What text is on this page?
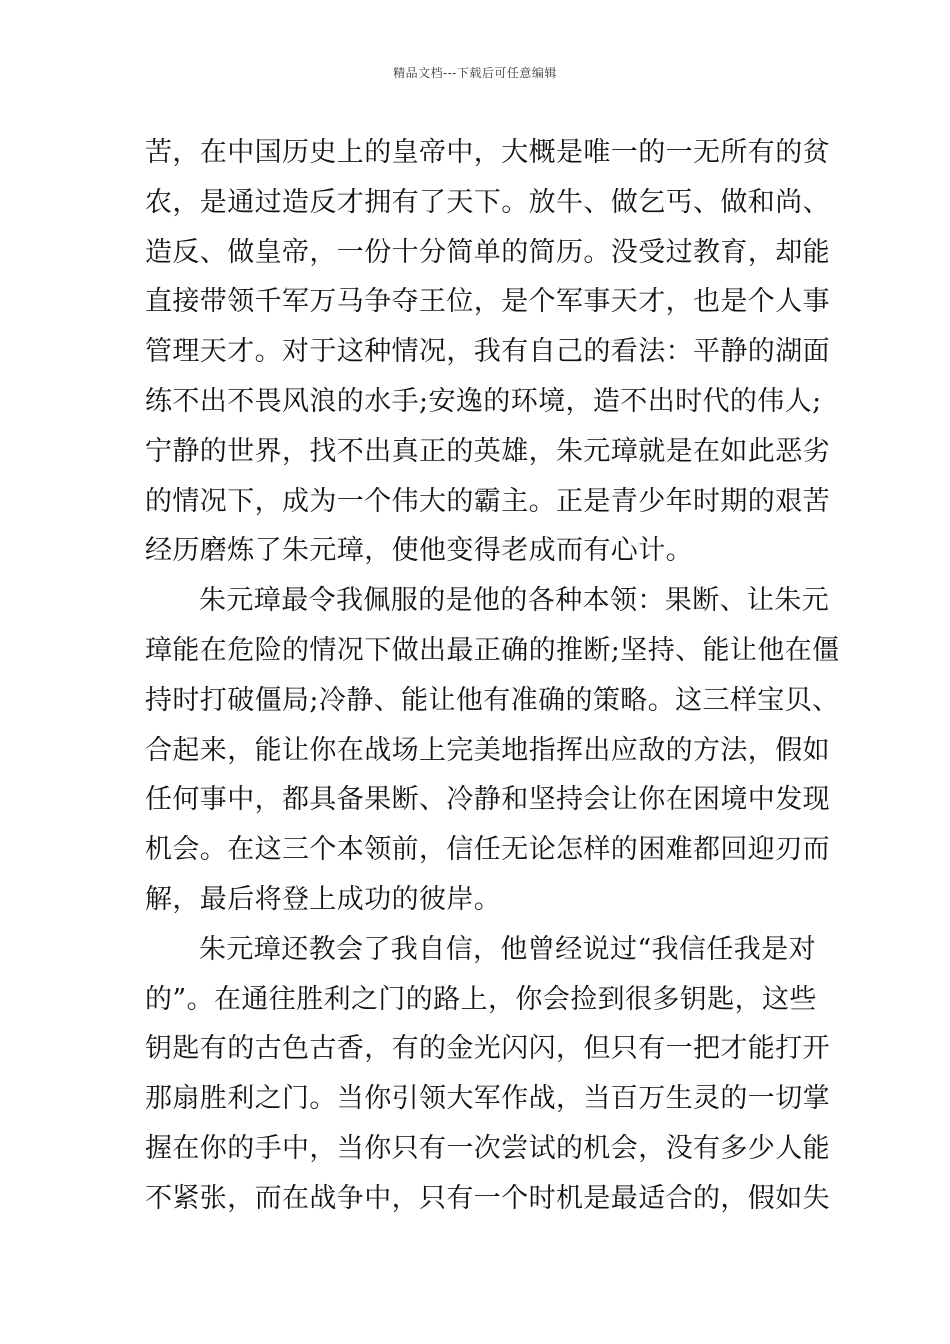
精品文档---下载后可任意编辑
苦，在中国历史上的皇帝中，大概是唯一的一无所有的贫
农，是通过造反才拥有了天下。放牛、做乞丐、做和尚、
造反、做皇帝，一份十分简单的简历。没受过教育，却能
直接带领千军万马争夺王位，是个军事天才，也是个人事
管理天才。对于这种情况，我有自己的看法：平静的湖面
练不出不畏风浪的水手;安逸的环境，造不出时代的伟人;
宁静的世界，找不出真正的英雄，朱元璋就是在如此恶劣
的情况下，成为一个伟大的霸主。正是青少年时期的艰苦
经历磨炼了朱元璋，使他变得老成而有心计。
朱元璋最令我佩服的是他的各种本领：果断、让朱元
璋能在危险的情况下做出最正确的推断;坚持、能让他在僵
持时打破僵局;冷静、能让他有准确的策略。这三样宝贝、
合起来，能让你在战场上完美地指挥出应敌的方法，假如
任何事中，都具备果断、冷静和坚持会让你在困境中发现
机会。在这三个本领前，信任无论怎样的困难都回迎刃而
解，最后将登上成功的彼岸。
朱元璋还教会了我自信，他曾经说过“我信任我是对
的”。在通往胜利之门的路上，你会捡到很多钥匙，这些
钥匙有的古色古香，有的金光闪闪，但只有一把才能打开
那扇胜利之门。当你引领大军作战，当百万生灵的一切掌
握在你的手中，当你只有一次尝试的机会，没有多少人能
不紧张，而在战争中，只有一个时机是最适合的，假如失
